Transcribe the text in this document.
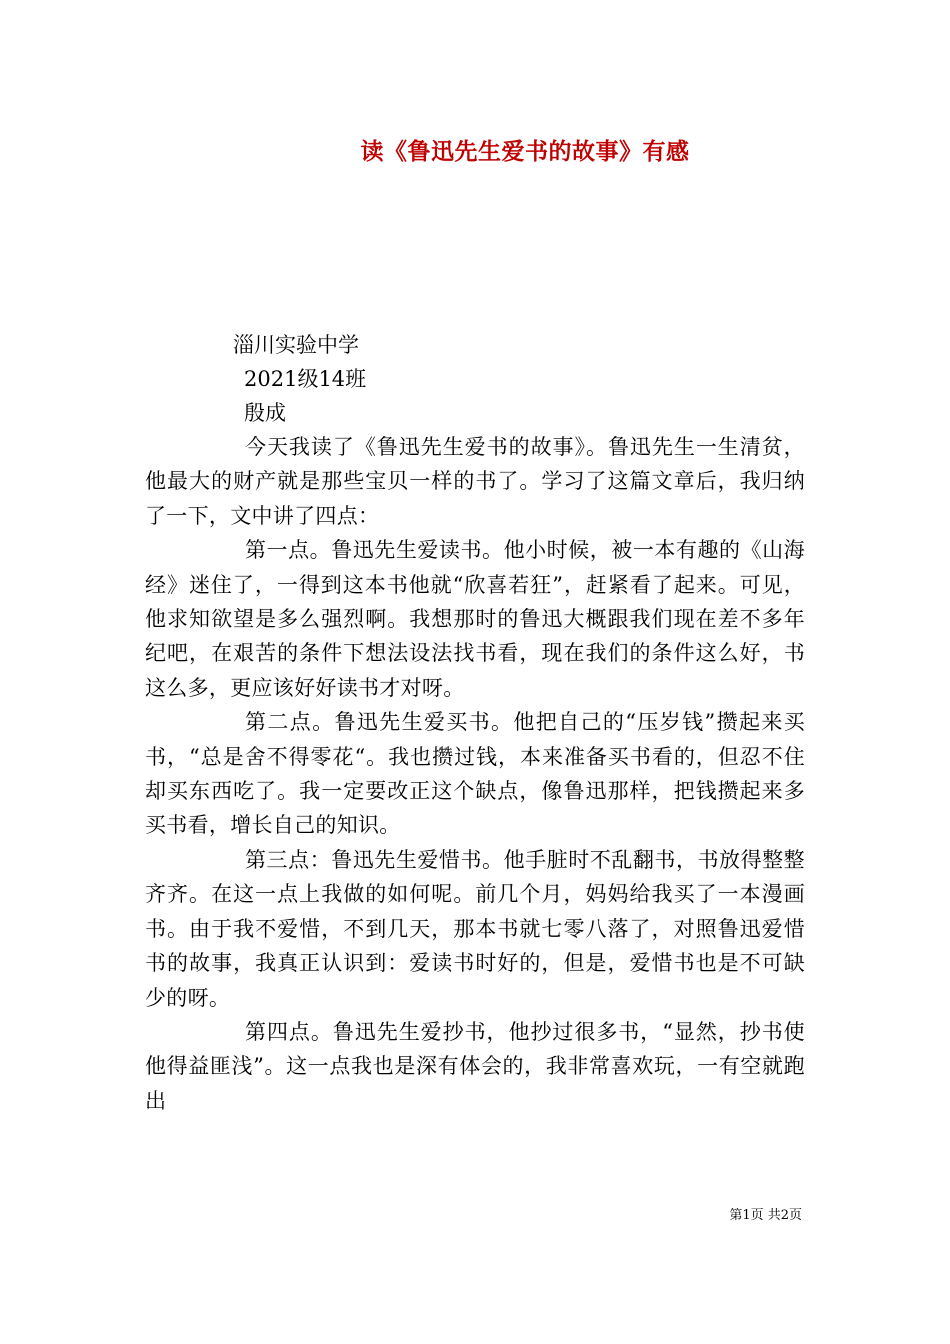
读《鲁迅先生爱书的故事》有感
淄川实验中学
2021级14班
殷成

今天我读了《鲁迅先生爱书的故事》。鲁迅先生一生清贫，他最大的财产就是那些宝贝一样的书了。学习了这篇文章后，我归纳了一下，文中讲了四点：

第一点。鲁迅先生爱读书。他小时候，被一本有趣的《山海经》迷住了，一得到这本书他就“欣喜若狂”，赶紧看了起来。可见，他求知欲望是多么强烈啊。我想那时的鲁迅大概跟我们现在差不多年纪吧，在艰苦的条件下想法设法找书看，现在我们的条件这么好，书这么多，更应该好好读书才对呀。

第二点。鲁迅先生爱买书。他把自己的“压岁钱”攒起来买书，“总是舍不得零花“。我也攒过钱，本来准备买书看的，但忍不住却买东西吃了。我一定要改正这个缺点，像鲁迅那样，把钱攒起来多买书看，增长自己的知识。

第三点：鲁迅先生爱惜书。他手脏时不乱翻书，书放得整整齐齐。在这一点上我做的如何呢。前几个月，妈妈给我买了一本漫画书。由于我不爱惜，不到几天，那本书就七零八落了，对照鲁迅爱惜书的故事，我真正认识到：爱读书时好的，但是，爱惜书也是不可缺少的呀。

第四点。鲁迅先生爱抄书，他抄过很多书，“显然，抄书使他得益匪浅”。这一点我也是深有体会的，我非常喜欢玩，一有空就跑出

第1页 共2页
